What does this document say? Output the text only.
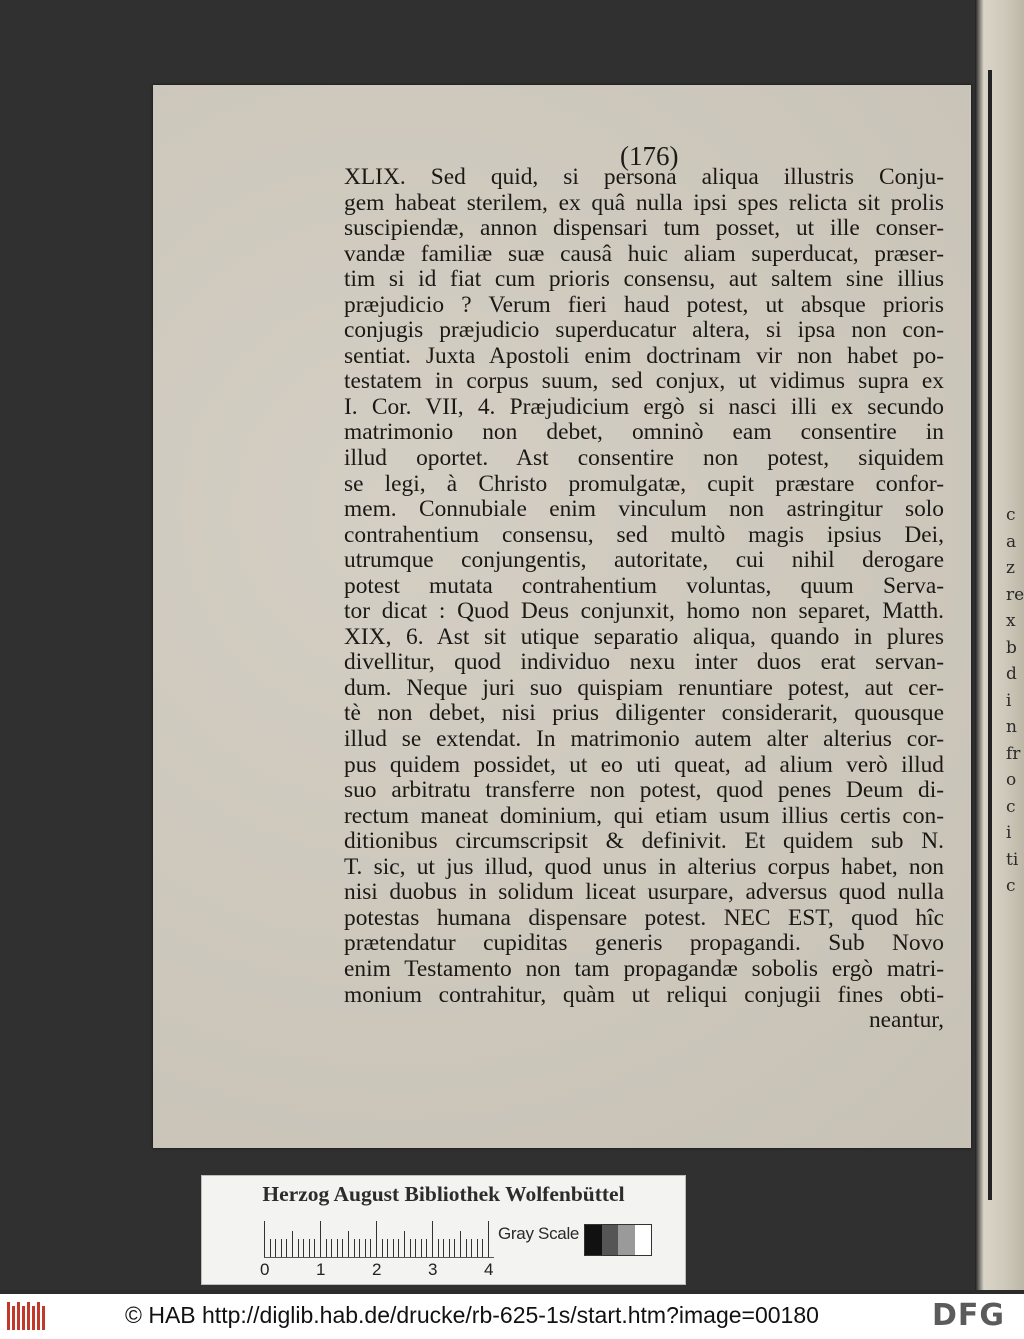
c
a
z
re
x
b
d
i
n
fr
o
c
i
ti
c
(176)
XLIX. Sed quid, si persona aliqua illustris Conju-
gem habeat sterilem, ex quâ nulla ipsi spes relicta sit prolis
suscipiendæ, annon dispensari tum posset, ut ille conser-
vandæ familiæ suæ causâ huic aliam superducat, præser-
tim si id fiat cum prioris consensu, aut saltem sine illius
præjudicio ? Verum fieri haud potest, ut absque prioris
conjugis præjudicio superducatur altera, si ipsa non con-
sentiat. Juxta Apostoli enim doctrinam vir non habet po-
testatem in corpus suum, sed conjux, ut vidimus supra ex
I. Cor. VII, 4. Præjudicium ergò si nasci illi ex secundo
matrimonio non debet, omninò eam consentire in
illud oportet. Ast consentire non potest, siquidem
se legi, à Christo promulgatæ, cupit præstare confor-
mem. Connubiale enim vinculum non astringitur solo
contrahentium consensu, sed multò magis ipsius Dei,
utrumque conjungentis, autoritate, cui nihil derogare
potest mutata contrahentium voluntas, quum Serva-
tor dicat : Quod Deus conjunxit, homo non separet, Matth.
XIX, 6. Ast sit utique separatio aliqua, quando in plures
divellitur, quod individuo nexu inter duos erat servan-
dum. Neque juri suo quispiam renuntiare potest, aut cer-
tè non debet, nisi prius diligenter considerarit, quousque
illud se extendat. In matrimonio autem alter alterius cor-
pus quidem possidet, ut eo uti queat, ad alium verò illud
suo arbitratu transferre non potest, quod penes Deum di-
rectum maneat dominium, qui etiam usum illius certis con-
ditionibus circumscripsit & definivit. Et quidem sub N.
T. sic, ut jus illud, quod unus in alterius corpus habet, non
nisi duobus in solidum liceat usurpare, adversus quod nulla
potestas humana dispensare potest. NEC EST, quod hîc
prætendatur cupiditas generis propagandi. Sub Novo
enim Testamento non tam propagandæ sobolis ergò matri-
monium contrahitur, quàm ut reliqui conjugii fines obti-
neantur,
Herzog August Bibliothek Wolfenbüttel
0	1	2	3	4
Gray Scale
© HAB http://diglib.hab.de/drucke/rb-625-1s/start.htm?image=00180	DFG
